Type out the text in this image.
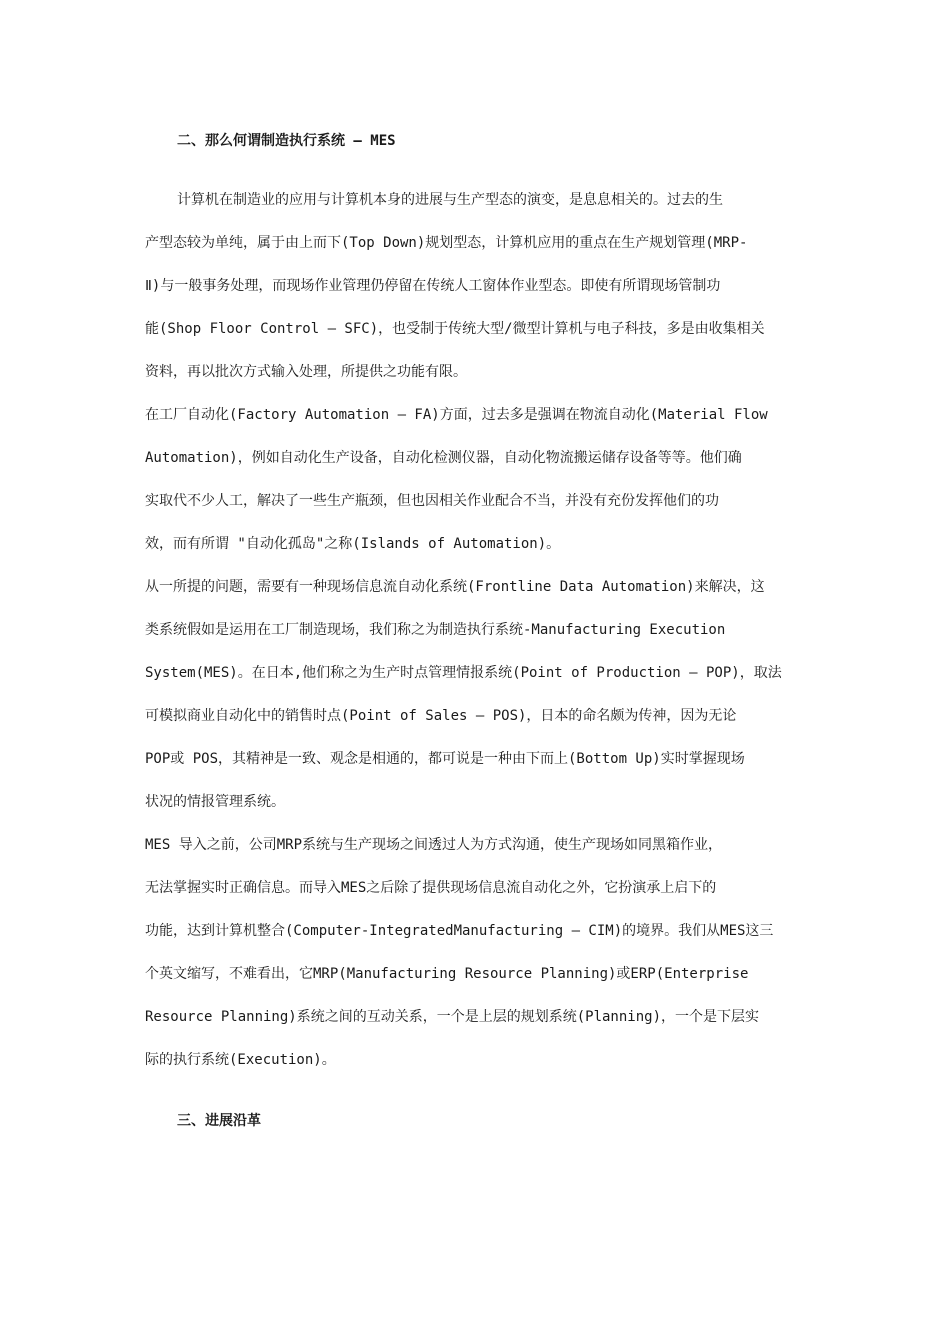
二、那么何谓制造执行系统 – MES
计算机在制造业的应用与计算机本身的进展与生产型态的演变，是息息相关的。过去的生
产型态较为单纯，属于由上而下(Top Down)规划型态，计算机应用的重点在生产规划管理(MRP-
Ⅱ)与一般事务处理，而现场作业管理仍停留在传统人工窗体作业型态。即使有所谓现场管制功
能(Shop Floor Control – SFC)，也受制于传统大型/微型计算机与电子科技，多是由收集相关
资料，再以批次方式输入处理，所提供之功能有限。
在工厂自动化(Factory Automation – FA)方面，过去多是强调在物流自动化(Material Flow
Automation)，例如自动化生产设备，自动化检测仪器，自动化物流搬运储存设备等等。他们确
实取代不少人工，解决了一些生产瓶颈，但也因相关作业配合不当，并没有充份发挥他们的功
效，而有所谓 "自动化孤岛"之称(Islands of Automation)。
从一所提的问题，需要有一种现场信息流自动化系统(Frontline Data Automation)来解决，这
类系统假如是运用在工厂制造现场，我们称之为制造执行系统-Manufacturing Execution
System(MES)。在日本,他们称之为生产时点管理情报系统(Point of Production – POP)，取法
可模拟商业自动化中的销售时点(Point of Sales – POS)，日本的命名颇为传神，因为无论
POP或 POS，其精神是一致、观念是相通的，都可说是一种由下而上(Bottom Up)实时掌握现场
状况的情报管理系统。
MES 导入之前，公司MRP系统与生产现场之间透过人为方式沟通，使生产现场如同黑箱作业，
无法掌握实时正确信息。而导入MES之后除了提供现场信息流自动化之外，它扮演承上启下的
功能，达到计算机整合(Computer-IntegratedManufacturing – CIM)的境界。我们从MES这三
个英文缩写，不难看出，它MRP(Manufacturing Resource Planning)或ERP(Enterprise
Resource Planning)系统之间的互动关系，一个是上层的规划系统(Planning)，一个是下层实
际的执行系统(Execution)。
三、进展沿革
